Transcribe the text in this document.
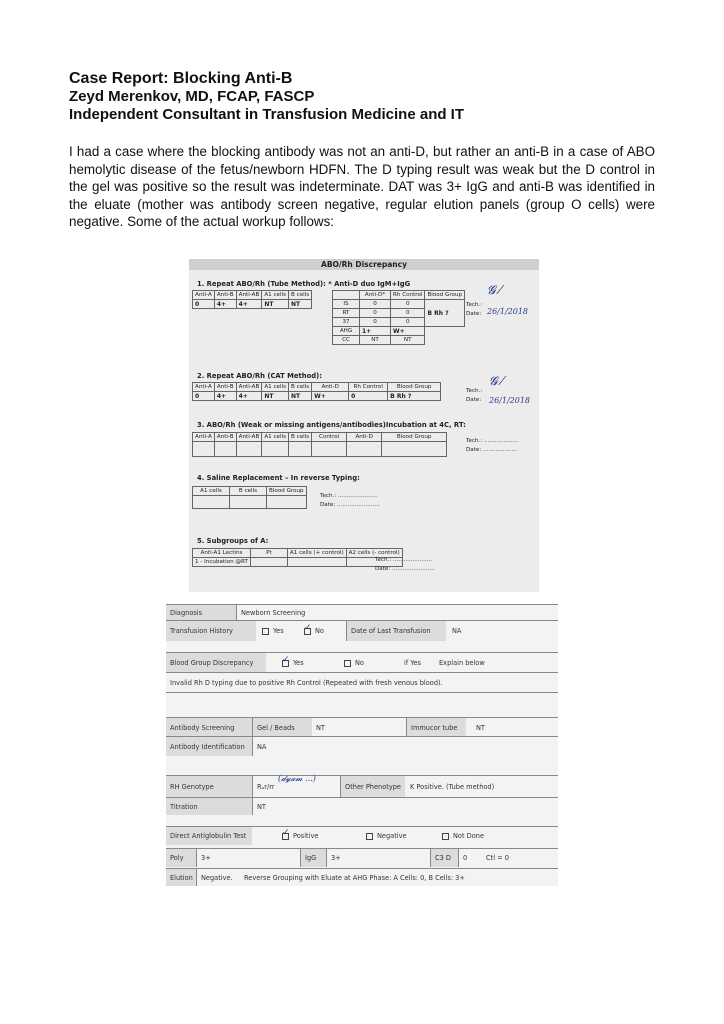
Case Report: Blocking Anti-B
Zeyd Merenkov, MD, FCAP, FASCP
Independent Consultant in Transfusion Medicine and IT
I had a case where the blocking antibody was not an anti-D, but rather an anti-B in a case of ABO hemolytic disease of the fetus/newborn HDFN. The D typing result was weak but the D control in the gel was positive so the result was indeterminate. DAT was 3+ IgG and anti-B was identified in the eluate (mother was antibody screen negative, regular elution panels (group O cells) were negative. Some of the actual workup follows:
ABO/Rh Discrepancy
1. Repeat ABO/Rh (Tube Method): * Anti-D duo IgM+IgG
Anti-A	Anti-B	Anti-AB	A1 cells	B cells
0	4+	4+	NT	NT
	Anti-D*	Rh Control	Blood Group
IS	0	0	B Rh ?
RT	0	0	
37	0	0	
AHG	1+	W+	
CC	NT	NT	
Tech.:
Date:
𝓖 ⁄
26/1/2018
2. Repeat ABO/Rh (CAT Method):
Anti-A	Anti-B	Anti-AB	A1 cells	B cells	Anti-D	Rh Control	Blood Group
0	4+	4+	NT	NT	W+	0	B Rh ?
Tech.:
Date:
𝓖 ⁄
26/1/2018
3. ABO/Rh (Weak or missing antigens/antibodies)Incubation at 4C, RT:
Anti-A	Anti-B	Anti-AB	A1 cells	B cells	Control	Anti-D	Blood Group

Tech.: ...................
Date: ...................
4. Saline Replacement – In reverse Typing:
A1 cells	B cells	Blood Group

Tech.: ......................
Date: ........................
5. Subgroups of A:
Anti-A1 Lectins	Pt	A1 cells (+ control)	A2 cells (- control)
1 - Incubation @RT				Tech.: ......................
Date: ........................
Diagnosis	Newborn Screening
Transfusion History	Yes ✓	No	Date of Last Transfusion	NA
Blood Group Discrepancy ✓	Yes	No	if Yes	Explain below
Invalid Rh D typing due to positive Rh Control (Repeated with fresh venous blood).
Antibody Screening	Gel / Beads	NT	Immucor tube	NT
Antibody Identification	NA
RH Genotype	Rₒr/rr	Other Phenotype	K Positive. (Tube method)
Titration	NT
Direct Antiglobulin Test ✓	Positive	Negative	Not Done
Poly	3+	IgG	3+	C3 D	0	Ctl = 0
Elution	Negative.	Reverse Grouping with Eluate at AHG Phase: A Cells: 0, B Cells: 3+
(𝓭𝔂𝓪𝓶 ...)
